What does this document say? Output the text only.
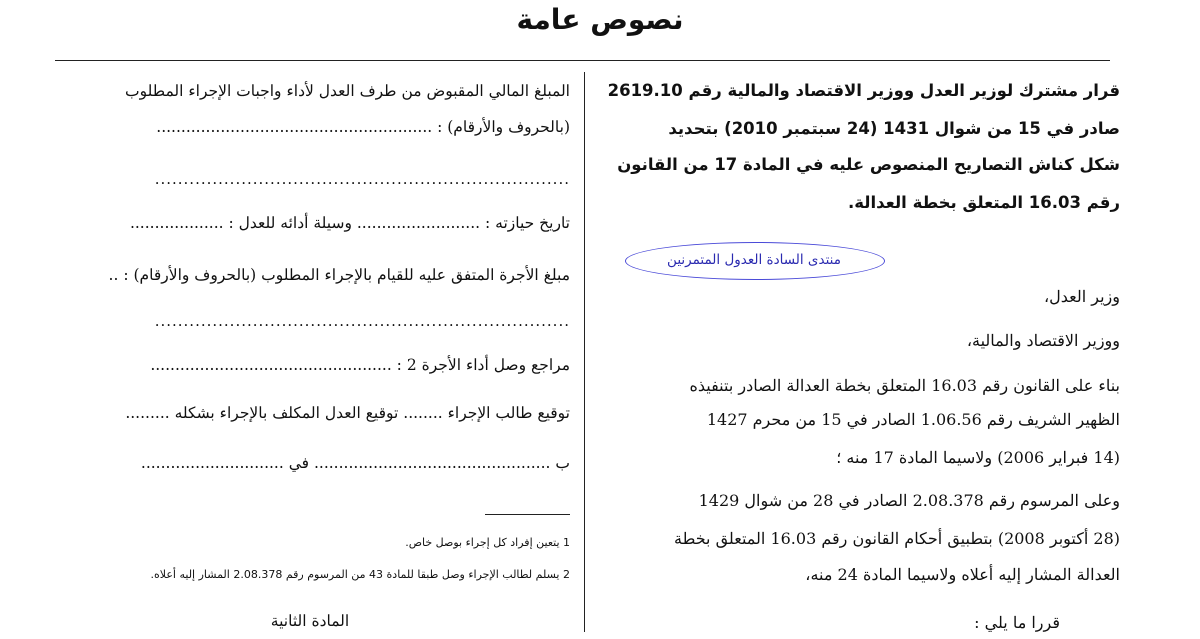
نصوص عامة
قرار مشترك لوزير العدل ووزير الاقتصاد والمالية رقم 2619.10
صادر في 15 من شوال 1431 (24 سبتمبر 2010) بتحديد
شكل كناش التصاريح المنصوص عليه في المادة 17 من القانون
رقم 16.03 المتعلق بخطة العدالة.
منتدى السادة العدول المتمرنين
وزير العدل،
ووزير الاقتصاد والمالية،
بناء على القانون رقم 16.03 المتعلق بخطة العدالة الصادر بتنفيذه
الظهير الشريف رقم 1.06.56 الصادر في 15 من محرم 1427
(14 فبراير 2006) ولاسيما المادة 17 منه ؛
وعلى المرسوم رقم 2.08.378 الصادر في 28 من شوال 1429
(28 أكتوبر 2008) بتطبيق أحكام القانون رقم 16.03 المتعلق بخطة
العدالة المشار إليه أعلاه ولاسيما المادة 24 منه،
قررا ما يلي :
المبلغ المالي المقبوض من طرف العدل لأداء واجبات الإجراء المطلوب
(بالحروف والأرقام) : ........................................................
........................................................................
تاريخ حيازته : ......................... وسيلة أدائه للعدل : ...................
مبلغ الأجرة المتفق عليه للقيام بالإجراء المطلوب (بالحروف والأرقام) : ..
........................................................................
مراجع وصل أداء الأجرة 2 : .................................................
توقيع طالب الإجراء ........ توقيع العدل المكلف بالإجراء بشكله .........
ب ................................................ في .............................
1 يتعين إفراد كل إجراء بوصل خاص.
2 يسلم لطالب الإجراء وصل طبقا للمادة 43 من المرسوم رقم 2.08.378 المشار إليه أعلاه.
المادة الثانية
